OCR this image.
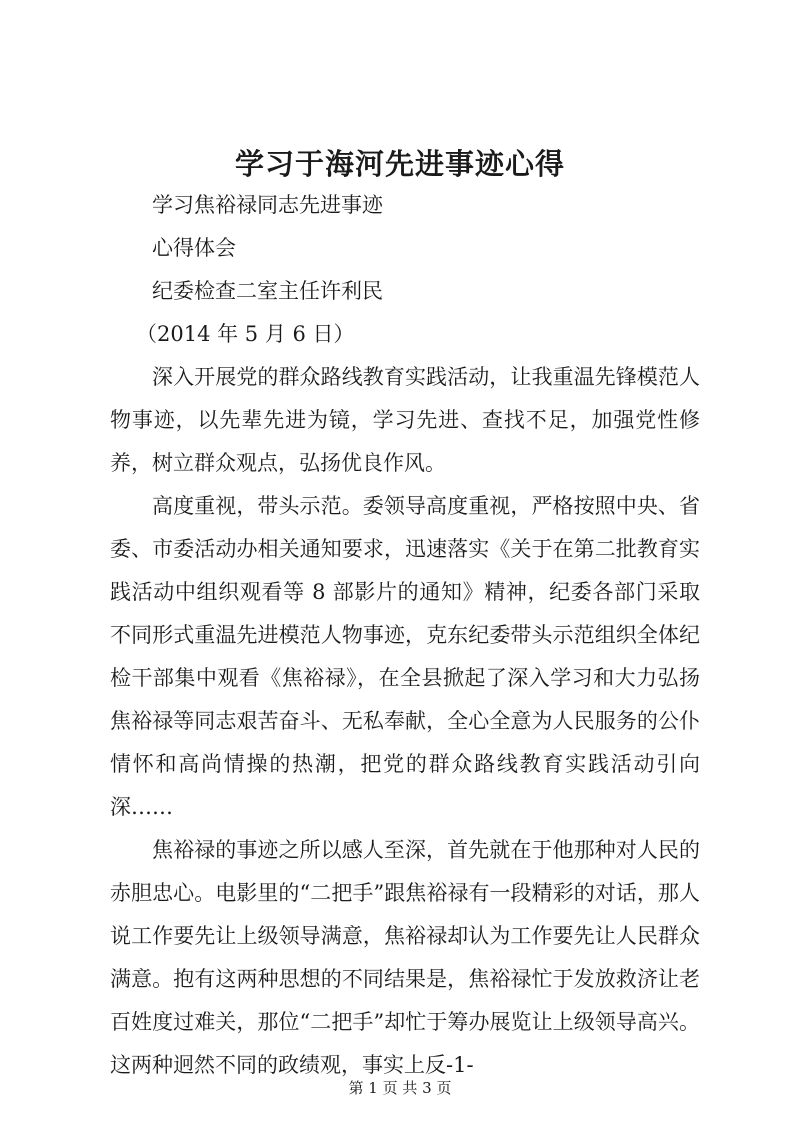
学习于海河先进事迹心得

学习焦裕禄同志先进事迹

心得体会

纪委检查二室主任许利民

（2014 年 5 月 6 日）

深入开展党的群众路线教育实践活动，让我重温先锋模范人物事迹，以先辈先进为镜，学习先进、查找不足，加强党性修养，树立群众观点，弘扬优良作风。

高度重视，带头示范。委领导高度重视，严格按照中央、省委、市委活动办相关通知要求，迅速落实《关于在第二批教育实践活动中组织观看等 8 部影片的通知》精神，纪委各部门采取不同形式重温先进模范人物事迹，克东纪委带头示范组织全体纪检干部集中观看《焦裕禄》，在全县掀起了深入学习和大力弘扬焦裕禄等同志艰苦奋斗、无私奉献，全心全意为人民服务的公仆情怀和高尚情操的热潮，把党的群众路线教育实践活动引向深……

焦裕禄的事迹之所以感人至深，首先就在于他那种对人民的赤胆忠心。电影里的“二把手”跟焦裕禄有一段精彩的对话，那人说工作要先让上级领导满意，焦裕禄却认为工作要先让人民群众满意。抱有这两种思想的不同结果是，焦裕禄忙于发放救济让老百姓度过难关，那位“二把手”却忙于筹办展览让上级领导高兴。这两种迥然不同的政绩观，事实上反-1-

第 1 页 共 3 页
